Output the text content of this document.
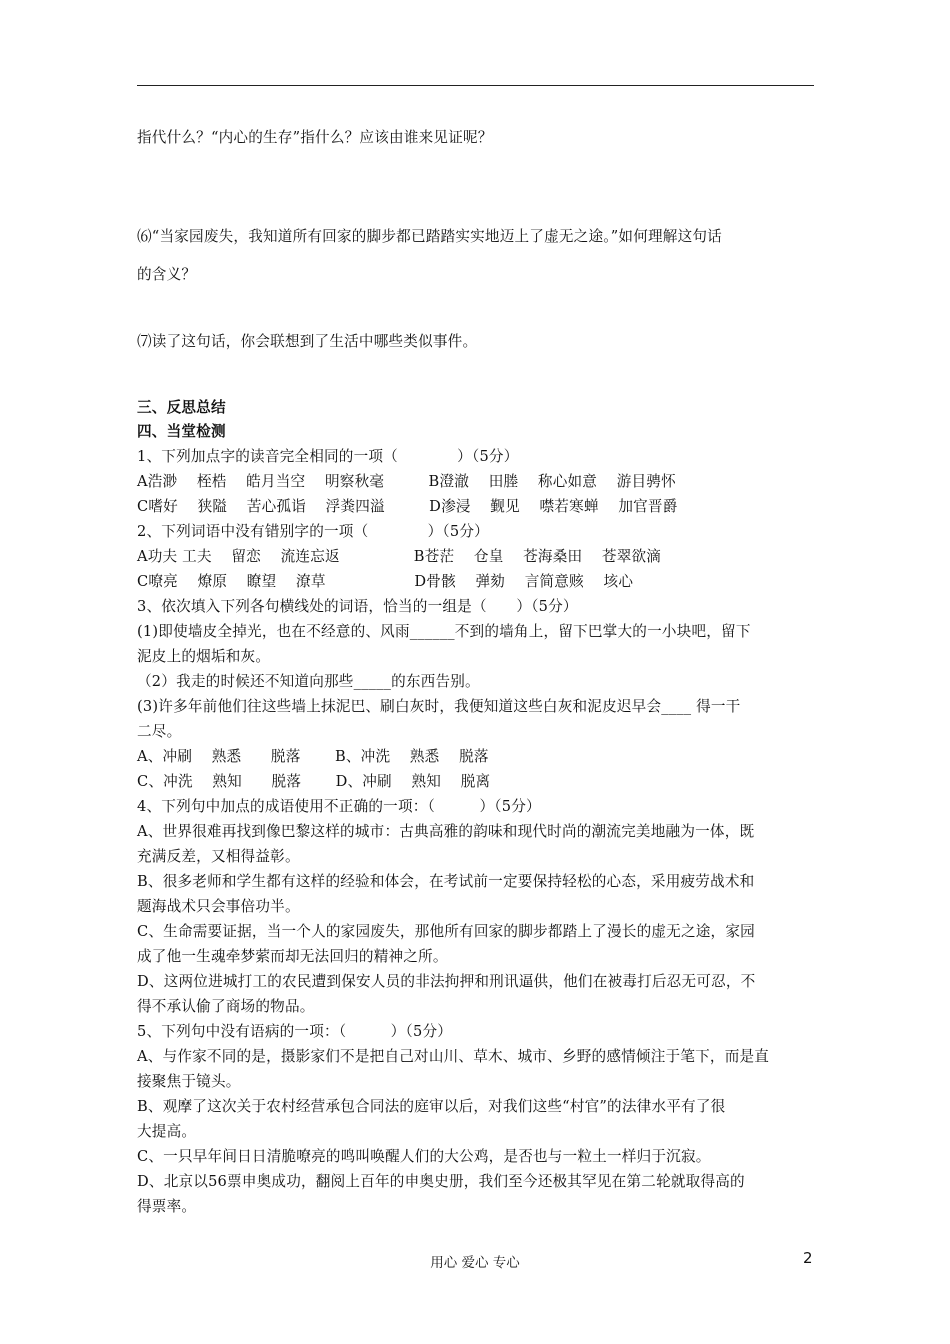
指代什么？“内心的生存”指什么？应该由谁来见证呢？
⑹“当家园废失，我知道所有回家的脚步都已踏踏实实地迈上了虚无之途。”如何理解这句话
的含义？
⑺读了这句话，你会联想到了生活中哪些类似事件。
三、反思总结
四、当堂检测
1、下列加点字的读音完全相同的一项（　　　　）（5分）
A浩渺　 桎梏　 皓月当空　 明察秋毫　　　B澄澈　 田塍　 称心如意　 游目骋怀
C嗜好　 狭隘　 苦心孤诣　 浮粪四溢　　　D渗浸　 觐见　 噤若寒蝉　 加官晋爵
2、下列词语中没有错别字的一项（　　　　）（5分）
A功夫 工夫　 留恋　 流连忘返　　　　　B苍茫　 仓皇　 苍海桑田　 苍翠欲滴
C嘹亮　 燎原　 瞭望　 潦草　　　　　　D骨骸　 弹劾　 言简意赅　 垓心
3、依次填入下列各句横线处的词语，恰当的一组是（　　）（5分）
(1)即使墙皮全掉光，也在不经意的、风雨______不到的墙角上，留下巴掌大的一小块吧，留下
泥皮上的烟垢和灰。
（2）我走的时候还不知道向那些_____的东西告别。
(3)许多年前他们往这些墙上抹泥巴、刷白灰时，我便知道这些白灰和泥皮迟早会____ 得一干
二尽。
A、冲刷　 熟悉　　脱落　　 B、冲洗　 熟悉　 脱落
C、冲洗　 熟知　　脱落　　 D、冲刷　 熟知　 脱离
4、下列句中加点的成语使用不正确的一项：（　　　）（5分）
A、世界很难再找到像巴黎这样的城市：古典高雅的韵味和现代时尚的潮流完美地融为一体，既
充满反差，又相得益彰。
B、很多老师和学生都有这样的经验和体会，在考试前一定要保持轻松的心态，采用疲劳战术和
题海战术只会事倍功半。
C、生命需要证据，当一个人的家园废失，那他所有回家的脚步都踏上了漫长的虚无之途，家园
成了他一生魂牵梦萦而却无法回归的精神之所。
D、这两位进城打工的农民遭到保安人员的非法拘押和刑讯逼供，他们在被毒打后忍无可忍，不
得不承认偷了商场的物品。
5、下列句中没有语病的一项：（　　　）（5分）
A、与作家不同的是，摄影家们不是把自己对山川、草木、城市、乡野的感情倾注于笔下，而是直
接聚焦于镜头。
B、观摩了这次关于农村经营承包合同法的庭审以后，对我们这些“村官”的法律水平有了很
大提高。
C、一只早年间日日清脆嘹亮的鸣叫唤醒人们的大公鸡，是否也与一粒土一样归于沉寂。
D、北京以56票申奥成功，翻阅上百年的申奥史册，我们至今还极其罕见在第二轮就取得高的
得票率。
用心 爱心 专心	2
